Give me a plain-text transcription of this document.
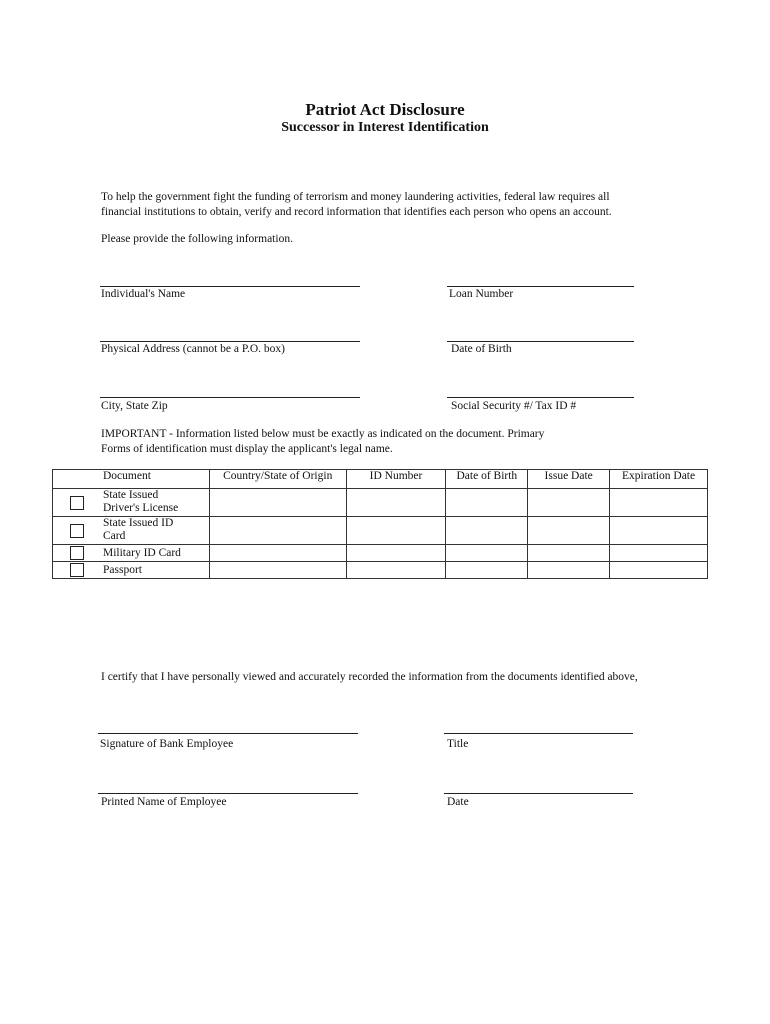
Patriot Act Disclosure
Successor in Interest Identification
To help the government fight the funding of terrorism and money laundering activities, federal law requires all
financial institutions to obtain, verify and record information that identifies each person who opens an account.
Please provide the following information.
Individual's Name	Loan Number
Physical Address (cannot be a P.O. box)	Date of Birth
City, State Zip	Social Security #/ Tax ID #
IMPORTANT - Information listed below must be exactly as indicated on the document. Primary
Forms of identification must display the applicant's legal name.
Document	Country/State of Origin	ID Number	Date of Birth	Issue Date	Expiration Date

State Issued
Driver's License					

State Issued ID
Card					

Military ID Card					

Passport					

I certify that I have personally viewed and accurately recorded the information from the documents identified above,
Signature of Bank Employee	Title
Printed Name of Employee	Date
